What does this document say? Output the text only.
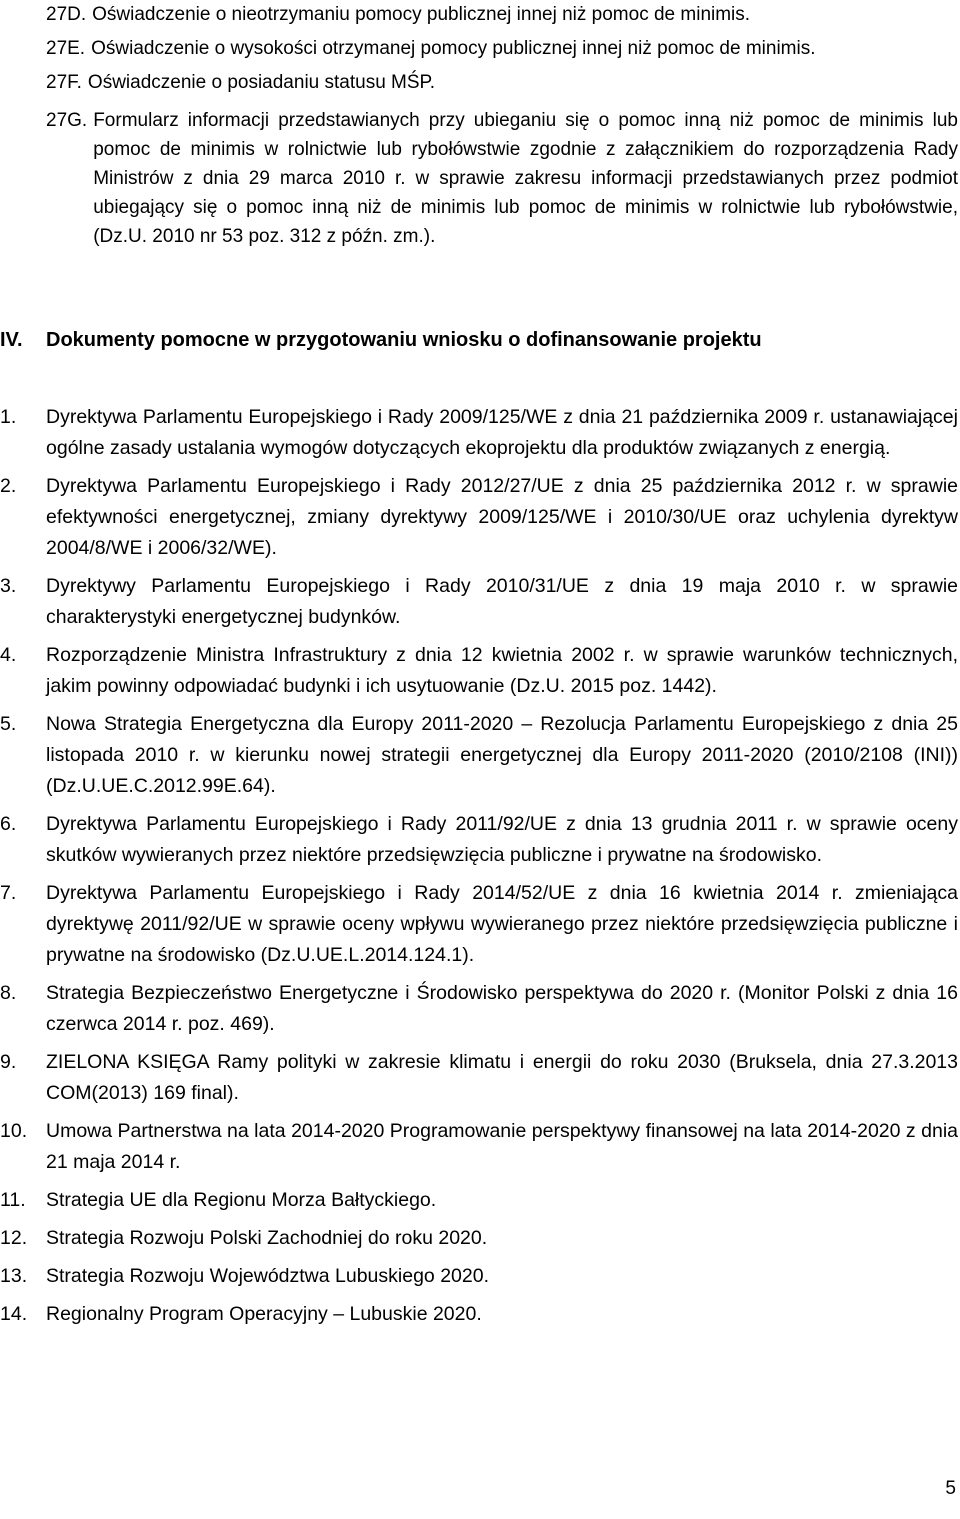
27D. Oświadczenie o nieotrzymaniu pomocy publicznej innej niż pomoc de minimis.
27E. Oświadczenie o wysokości otrzymanej pomocy publicznej innej niż pomoc de minimis.
27F. Oświadczenie o posiadaniu statusu MŚP.
27G. Formularz informacji przedstawianych przy ubieganiu się o pomoc inną niż pomoc de minimis lub pomoc de minimis w rolnictwie lub rybołówstwie zgodnie z załącznikiem do rozporządzenia Rady Ministrów z dnia 29 marca 2010 r. w sprawie zakresu informacji przedstawianych przez podmiot ubiegający się o pomoc inną niż de minimis lub pomoc de minimis w rolnictwie lub rybołówstwie, (Dz.U. 2010 nr 53 poz. 312 z późn. zm.).
IV.	Dokumenty pomocne w przygotowaniu wniosku o dofinansowanie projektu
1.	Dyrektywa Parlamentu Europejskiego i Rady 2009/125/WE z dnia 21 października 2009 r. ustanawiającej ogólne zasady ustalania wymogów dotyczących ekoprojektu dla produktów związanych z energią.
2.	Dyrektywa Parlamentu Europejskiego i Rady 2012/27/UE z dnia 25 października 2012 r. w sprawie efektywności energetycznej, zmiany dyrektywy 2009/125/WE i 2010/30/UE oraz uchylenia dyrektyw 2004/8/WE i 2006/32/WE).
3.	Dyrektywy Parlamentu Europejskiego i Rady 2010/31/UE z dnia 19 maja 2010 r. w sprawie charakterystyki energetycznej budynków.
4.	Rozporządzenie Ministra Infrastruktury z dnia 12 kwietnia 2002 r. w sprawie warunków technicznych, jakim powinny odpowiadać budynki i ich usytuowanie (Dz.U. 2015 poz. 1442).
5.	Nowa Strategia Energetyczna dla Europy 2011-2020 – Rezolucja Parlamentu Europejskiego z dnia 25 listopada 2010 r. w kierunku nowej strategii energetycznej dla Europy 2011-2020 (2010/2108 (INI)) (Dz.U.UE.C.2012.99E.64).
6.	Dyrektywa Parlamentu Europejskiego i Rady 2011/92/UE z dnia 13 grudnia 2011 r. w sprawie oceny skutków wywieranych przez niektóre przedsięwzięcia publiczne i prywatne na środowisko.
7.	Dyrektywa Parlamentu Europejskiego i Rady 2014/52/UE z dnia 16 kwietnia 2014 r. zmieniająca dyrektywę 2011/92/UE w sprawie oceny wpływu wywieranego przez niektóre przedsięwzięcia publiczne i prywatne na środowisko (Dz.U.UE.L.2014.124.1).
8.	Strategia Bezpieczeństwo Energetyczne i Środowisko perspektywa do 2020 r. (Monitor Polski z dnia 16 czerwca 2014 r. poz. 469).
9.	ZIELONA KSIĘGA Ramy polityki w zakresie klimatu i energii do roku 2030 (Bruksela, dnia 27.3.2013 COM(2013) 169 final).
10. Umowa Partnerstwa na lata 2014-2020 Programowanie perspektywy finansowej na lata 2014-2020 z dnia 21 maja 2014 r.
11.	Strategia UE dla Regionu Morza Bałtyckiego.
12. Strategia Rozwoju Polski Zachodniej do roku 2020.
13. Strategia Rozwoju Województwa Lubuskiego 2020.
14. Regionalny Program Operacyjny – Lubuskie 2020.
5
